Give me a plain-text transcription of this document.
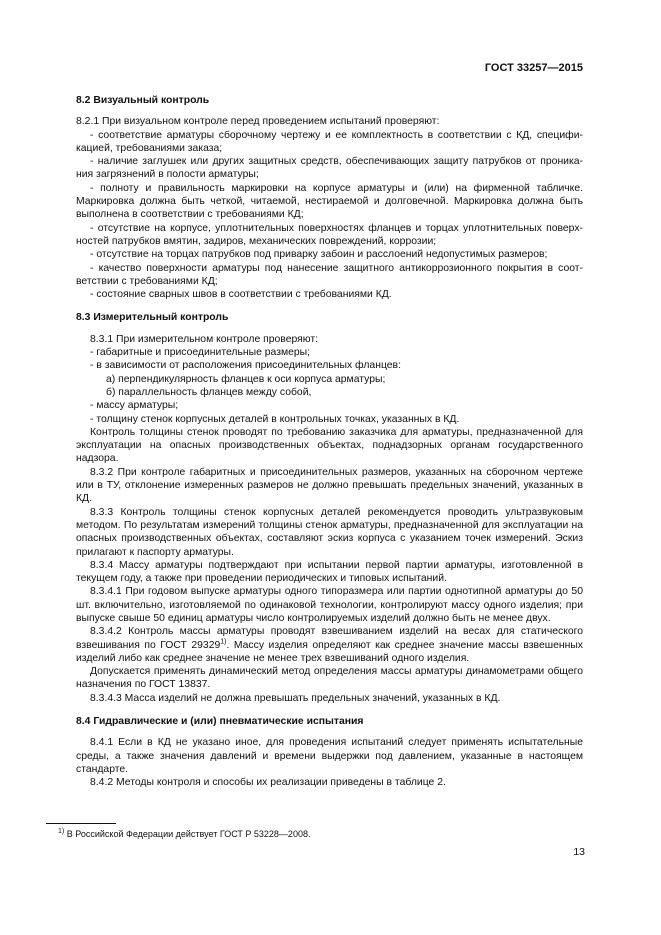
ГОСТ 33257—2015
8.2 Визуальный контроль

8.2.1 При визуальном контроле перед проведением испытаний проверяют:

- соответствие арматуры сборочному чертежу и ее комплектность в соответствии с КД, специфи-кацией, требованиями заказа;

- наличие заглушек или других защитных средств, обеспечивающих защиту патрубков от проника-ния загрязнений в полости арматуры;

- полноту и правильность маркировки на корпусе арматуры и (или) на фирменной табличке. Маркировка должна быть четкой, читаемой, нестираемой и долговечной. Маркировка должна быть выполнена в соответствии с требованиями КД;

- отсутствие на корпусе, уплотнительных поверхностях фланцев и торцах уплотнительных поверх-ностей патрубков вмятин, задиров, механических повреждений, коррозии;

- отсутствие на торцах патрубков под приварку забоин и расслоений недопустимых размеров;

- качество поверхности арматуры под нанесение защитного антикоррозионного покрытия в соот-ветствии с требованиями КД;

- состояние сварных швов в соответствии с требованиями КД.

8.3 Измерительный контроль

8.3.1 При измерительном контроле проверяют:

- габаритные и присоединительные размеры;

- в зависимости от расположения присоединительных фланцев:

а) перпендикулярность фланцев к оси корпуса арматуры;

б) параллельность фланцев между собой,

- массу арматуры;

- толщину стенок корпусных деталей в контрольных точках, указанных в КД.

Контроль толщины стенок проводят по требованию заказчика для арматуры, предназначенной для эксплуатации на опасных производственных объектах, поднадзорных органам государственного надзора.

8.3.2 При контроле габаритных и присоединительных размеров, указанных на сборочном чертеже или в ТУ, отклонение измеренных размеров не должно превышать предельных значений, указанных в КД.

8.3.3 Контроль толщины стенок корпусных деталей рекомендуется проводить ультразвуковым методом. По результатам измерений толщины стенок арматуры, предназначенной для эксплуатации на опасных производственных объектах, составляют эскиз корпуса с указанием точек измерений. Эскиз прилагают к паспорту арматуры.

8.3.4 Массу арматуры подтверждают при испытании первой партии арматуры, изготовленной в текущем году, а также при проведении периодических и типовых испытаний.

8.3.4.1 При годовом выпуске арматуры одного типоразмера или партии однотипной арматуры до 50 шт. включительно, изготовляемой по одинаковой технологии, контролируют массу одного изделия; при выпуске свыше 50 единиц арматуры число контролируемых изделий должно быть не менее двух.

8.3.4.2 Контроль массы арматуры проводят взвешиванием изделий на весах для статического взвешивания по ГОСТ 29329$^{1)}$. Массу изделия определяют как среднее значение массы взвешенных изделий либо как среднее значение не менее трех взвешиваний одного изделия.

Допускается применять динамический метод определения массы арматуры динамометрами общего назначения по ГОСТ 13837.

8.3.4.3 Масса изделий не должна превышать предельных значений, указанных в КД.

8.4 Гидравлические и (или) пневматические испытания

8.4.1 Если в КД не указано иное, для проведения испытаний следует применять испытательные среды, а также значения давлений и времени выдержки под давлением, указанные в настоящем стандарте.

8.4.2 Методы контроля и способы их реализации приведены в таблице 2.

$^{1)}$ В Российской Федерации действует ГОСТ Р 53228—2008.
13
